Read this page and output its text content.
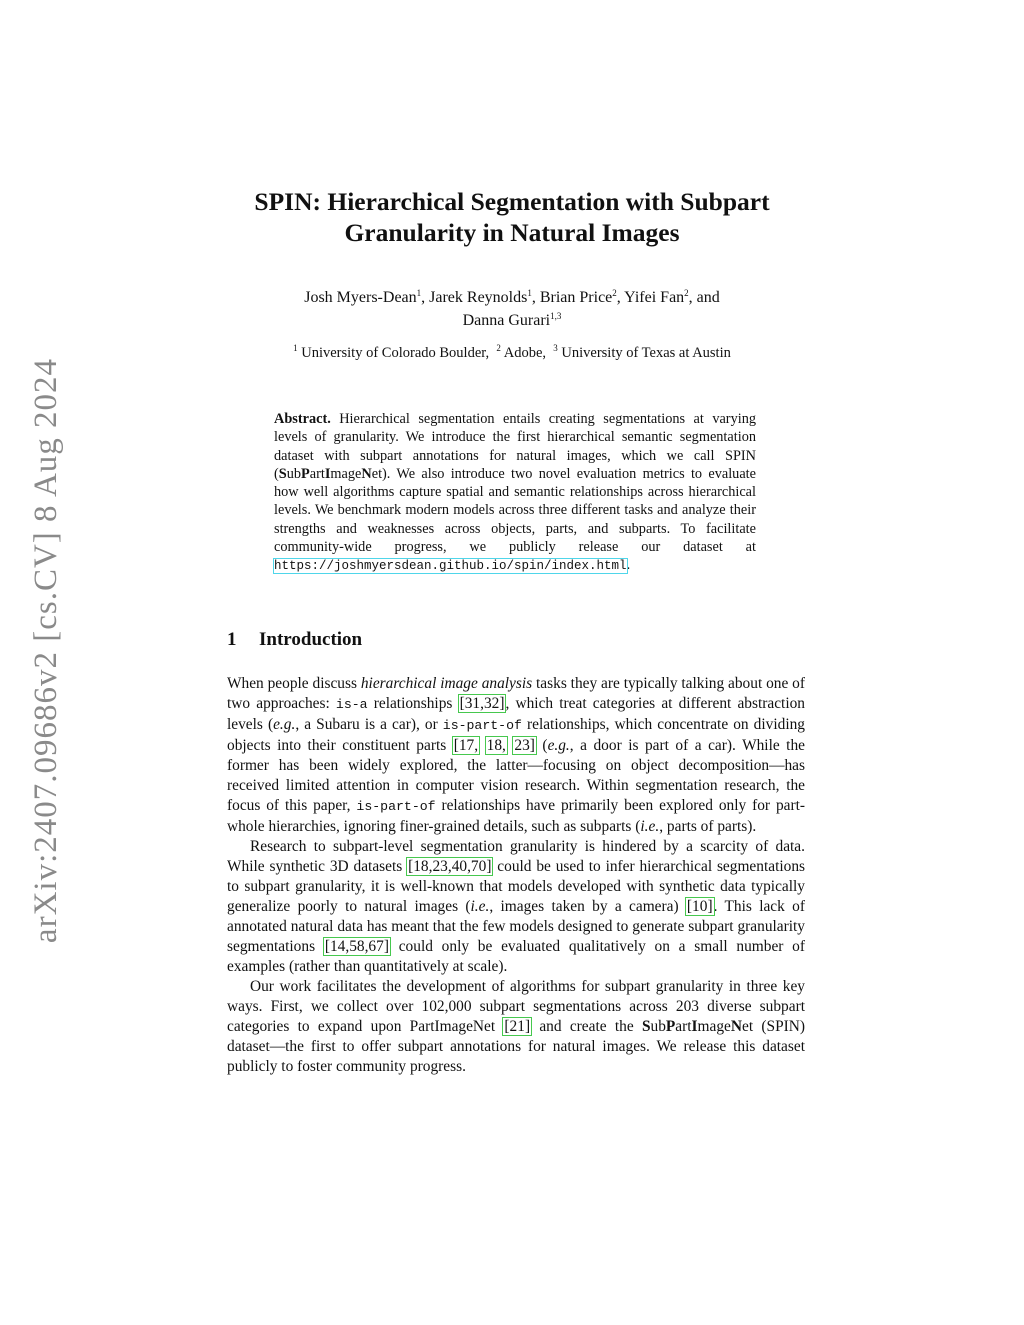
arXiv:2407.09686v2 [cs.CV] 8 Aug 2024
SPIN: Hierarchical Segmentation with Subpart
Granularity in Natural Images
Josh Myers-Dean$^1$, Jarek Reynolds$^1$, Brian Price$^2$, Yifei Fan$^2$, and
Danna Gurari$^{1,3}$
$^1$ University of Colorado Boulder, $^2$ Adobe, $^3$ University of Texas at Austin
Abstract. Hierarchical segmentation entails creating segmentations at varying levels of granularity. We introduce the first hierarchical semantic segmentation dataset with subpart annotations for natural images, which we call SPIN (SubPartImageNet). We also introduce two novel evaluation metrics to evaluate how well algorithms capture spatial and semantic relationships across hierarchical levels. We benchmark modern models across three different tasks and analyze their strengths and weaknesses across objects, parts, and subparts. To facilitate community-wide progress, we publicly release our dataset at https://joshmyersdean.github.io/spin/index.html.
1 Introduction

When people discuss hierarchical image analysis tasks they are typically talking about one of two approaches: is-a relationships [31,32], which treat categories at different abstraction levels (e.g., a Subaru is a car), or is-part-of relationships, which concentrate on dividing objects into their constituent parts [17, 18, 23] (e.g., a door is part of a car). While the former has been widely explored, the latter—focusing on object decomposition—has received limited attention in computer vision research. Within segmentation research, the focus of this paper, is-part-of relationships have primarily been explored only for part-whole hierarchies, ignoring finer-grained details, such as subparts (i.e., parts of parts).

Research to subpart-level segmentation granularity is hindered by a scarcity of data. While synthetic 3D datasets [18,23,40,70] could be used to infer hierarchical segmentations to subpart granularity, it is well-known that models developed with synthetic data typically generalize poorly to natural images (i.e., images taken by a camera) [10]. This lack of annotated natural data has meant that the few models designed to generate subpart granularity segmentations [14,58,67] could only be evaluated qualitatively on a small number of examples (rather than quantitatively at scale).

Our work facilitates the development of algorithms for subpart granularity in three key ways. First, we collect over 102,000 subpart segmentations across 203 diverse subpart categories to expand upon PartImageNet [21] and create the SubPartImageNet (SPIN) dataset—the first to offer subpart annotations for natural images. We release this dataset publicly to foster community progress.
